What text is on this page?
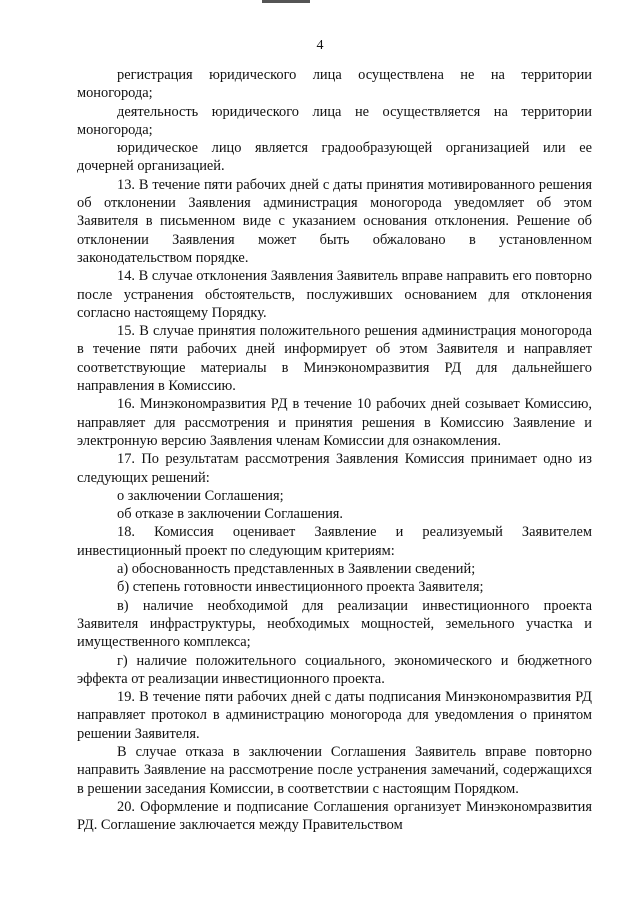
4

регистрация юридического лица осуществлена не на территории моногорода;

деятельность юридического лица не осуществляется на территории моногорода;

юридическое лицо является градообразующей организацией или ее дочерней организацией.

13. В течение пяти рабочих дней с даты принятия мотивированного решения об отклонении Заявления администрация моногорода уведомляет об этом Заявителя в письменном виде с указанием основания отклонения. Решение об отклонении Заявления может быть обжаловано в установленном законодательством порядке.

14. В случае отклонения Заявления Заявитель вправе направить его повторно после устранения обстоятельств, послуживших основанием для отклонения согласно настоящему Порядку.

15. В случае принятия положительного решения администрация моногорода в течение пяти рабочих дней информирует об этом Заявителя и направляет соответствующие материалы в Минэкономразвития РД для дальнейшего направления в Комиссию.

16. Минэкономразвития РД в течение 10 рабочих дней созывает Комиссию, направляет для рассмотрения и принятия решения в Комиссию Заявление и электронную версию Заявления членам Комиссии для ознакомления.

17. По результатам рассмотрения Заявления Комиссия принимает одно из следующих решений:

о заключении Соглашения;

об отказе в заключении Соглашения.

18. Комиссия оценивает Заявление и реализуемый Заявителем инвестиционный проект по следующим критериям:

а) обоснованность представленных в Заявлении сведений;

б) степень готовности инвестиционного проекта Заявителя;

в) наличие необходимой для реализации инвестиционного проекта Заявителя инфраструктуры, необходимых мощностей, земельного участка и имущественного комплекса;

г) наличие положительного социального, экономического и бюджетного эффекта от реализации инвестиционного проекта.

19. В течение пяти рабочих дней с даты подписания Минэкономразвития РД направляет протокол в администрацию моногорода для уведомления о принятом решении Заявителя.

В случае отказа в заключении Соглашения Заявитель вправе повторно направить Заявление на рассмотрение после устранения замечаний, содержащихся в решении заседания Комиссии, в соответствии с настоящим Порядком.

20. Оформление и подписание Соглашения организует Минэкономразвития РД. Соглашение заключается между Правительством
